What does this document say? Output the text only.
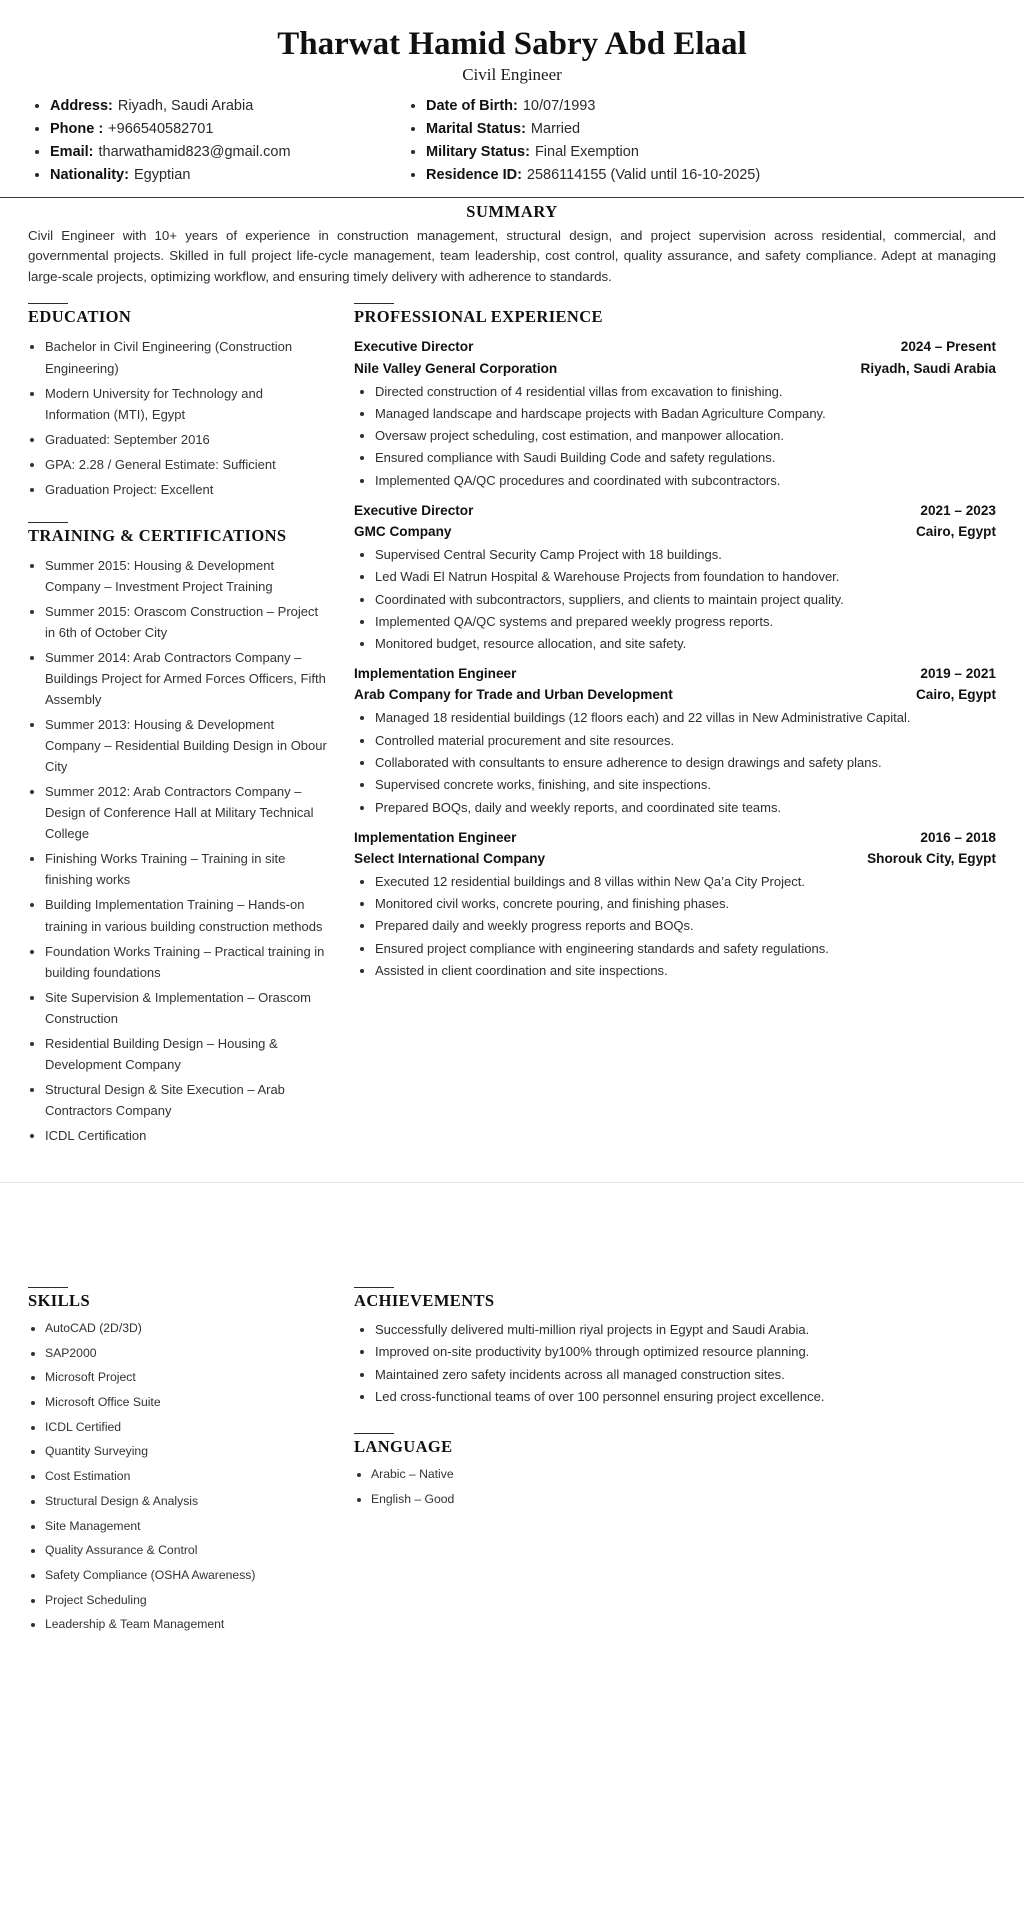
Tharwat Hamid Sabry Abd Elaal
Civil Engineer
• Address: Riyadh, Saudi Arabia
• Phone : +966540582701
• Email: tharwathamid823@gmail.com
• Nationality: Egyptian
• Date of Birth: 10/07/1993
• Marital Status: Married
• Military Status: Final Exemption
• Residence ID: 2586114155 (Valid until 16-10-2025)
SUMMARY

Civil Engineer with 10+ years of experience in construction management, structural design, and project supervision across residential, commercial, and governmental projects. Skilled in full project life-cycle management, team leadership, cost control, quality assurance, and safety compliance. Adept at managing large-scale projects, optimizing workflow, and ensuring timely delivery with adherence to standards.

EDUCATION
• Bachelor in Civil Engineering (Construction Engineering)
• Modern University for Technology and Information (MTI), Egypt
• Graduated: September 2016
• GPA: 2.28 / General Estimate: Sufficient
• Graduation Project: Excellent
TRAINING & CERTIFICATIONS
• Summer 2015: Housing & Development Company – Investment Project Training
• Summer 2015: Orascom Construction – Project in 6th of October City
• Summer 2014: Arab Contractors Company – Buildings Project for Armed Forces Officers, Fifth Assembly
• Summer 2013: Housing & Development Company – Residential Building Design in Obour City
• Summer 2012: Arab Contractors Company – Design of Conference Hall at Military Technical College
• Finishing Works Training – Training in site finishing works
• Building Implementation Training – Hands-on training in various building construction methods
• Foundation Works Training – Practical training in building foundations
• Site Supervision & Implementation – Orascom Construction
• Residential Building Design – Housing & Development Company
• Structural Design & Site Execution – Arab Contractors Company
• ICDL Certification
PROFESSIONAL EXPERIENCE
Executive Director	2024 – Present
Nile Valley General Corporation	Riyadh, Saudi Arabia
• Directed construction of 4 residential villas from excavation to finishing.
• Managed landscape and hardscape projects with Badan Agriculture Company.
• Oversaw project scheduling, cost estimation, and manpower allocation.
• Ensured compliance with Saudi Building Code and safety regulations.
• Implemented QA/QC procedures and coordinated with subcontractors.
Executive Director	2021 – 2023
GMC Company	Cairo, Egypt
• Supervised Central Security Camp Project with 18 buildings.
• Led Wadi El Natrun Hospital & Warehouse Projects from foundation to handover.
• Coordinated with subcontractors, suppliers, and clients to maintain project quality.
• Implemented QA/QC systems and prepared weekly progress reports.
• Monitored budget, resource allocation, and site safety.
Implementation Engineer	2019 – 2021
Arab Company for Trade and Urban Development	Cairo, Egypt
• Managed 18 residential buildings (12 floors each) and 22 villas in New Administrative Capital.
• Controlled material procurement and site resources.
• Collaborated with consultants to ensure adherence to design drawings and safety plans.
• Supervised concrete works, finishing, and site inspections.
• Prepared BOQs, daily and weekly reports, and coordinated site teams.
Implementation Engineer	2016 – 2018
Select International Company	Shorouk City, Egypt
• Executed 12 residential buildings and 8 villas within New Qa’a City Project.
• Monitored civil works, concrete pouring, and finishing phases.
• Prepared daily and weekly progress reports and BOQs.
• Ensured project compliance with engineering standards and safety regulations.
• Assisted in client coordination and site inspections.
SKILLS
• AutoCAD (2D/3D)
• SAP2000
• Microsoft Project
• Microsoft Office Suite
• ICDL Certified
• Quantity Surveying
• Cost Estimation
• Structural Design & Analysis
• Site Management
• Quality Assurance & Control
• Safety Compliance (OSHA Awareness)
• Project Scheduling
• Leadership & Team Management
ACHIEVEMENTS
• Successfully delivered multi-million riyal projects in Egypt and Saudi Arabia.
• Improved on-site productivity by100% through optimized resource planning.
• Maintained zero safety incidents across all managed construction sites.
• Led cross-functional teams of over 100 personnel ensuring project excellence.
LANGUAGE
• Arabic – Native
• English – Good
